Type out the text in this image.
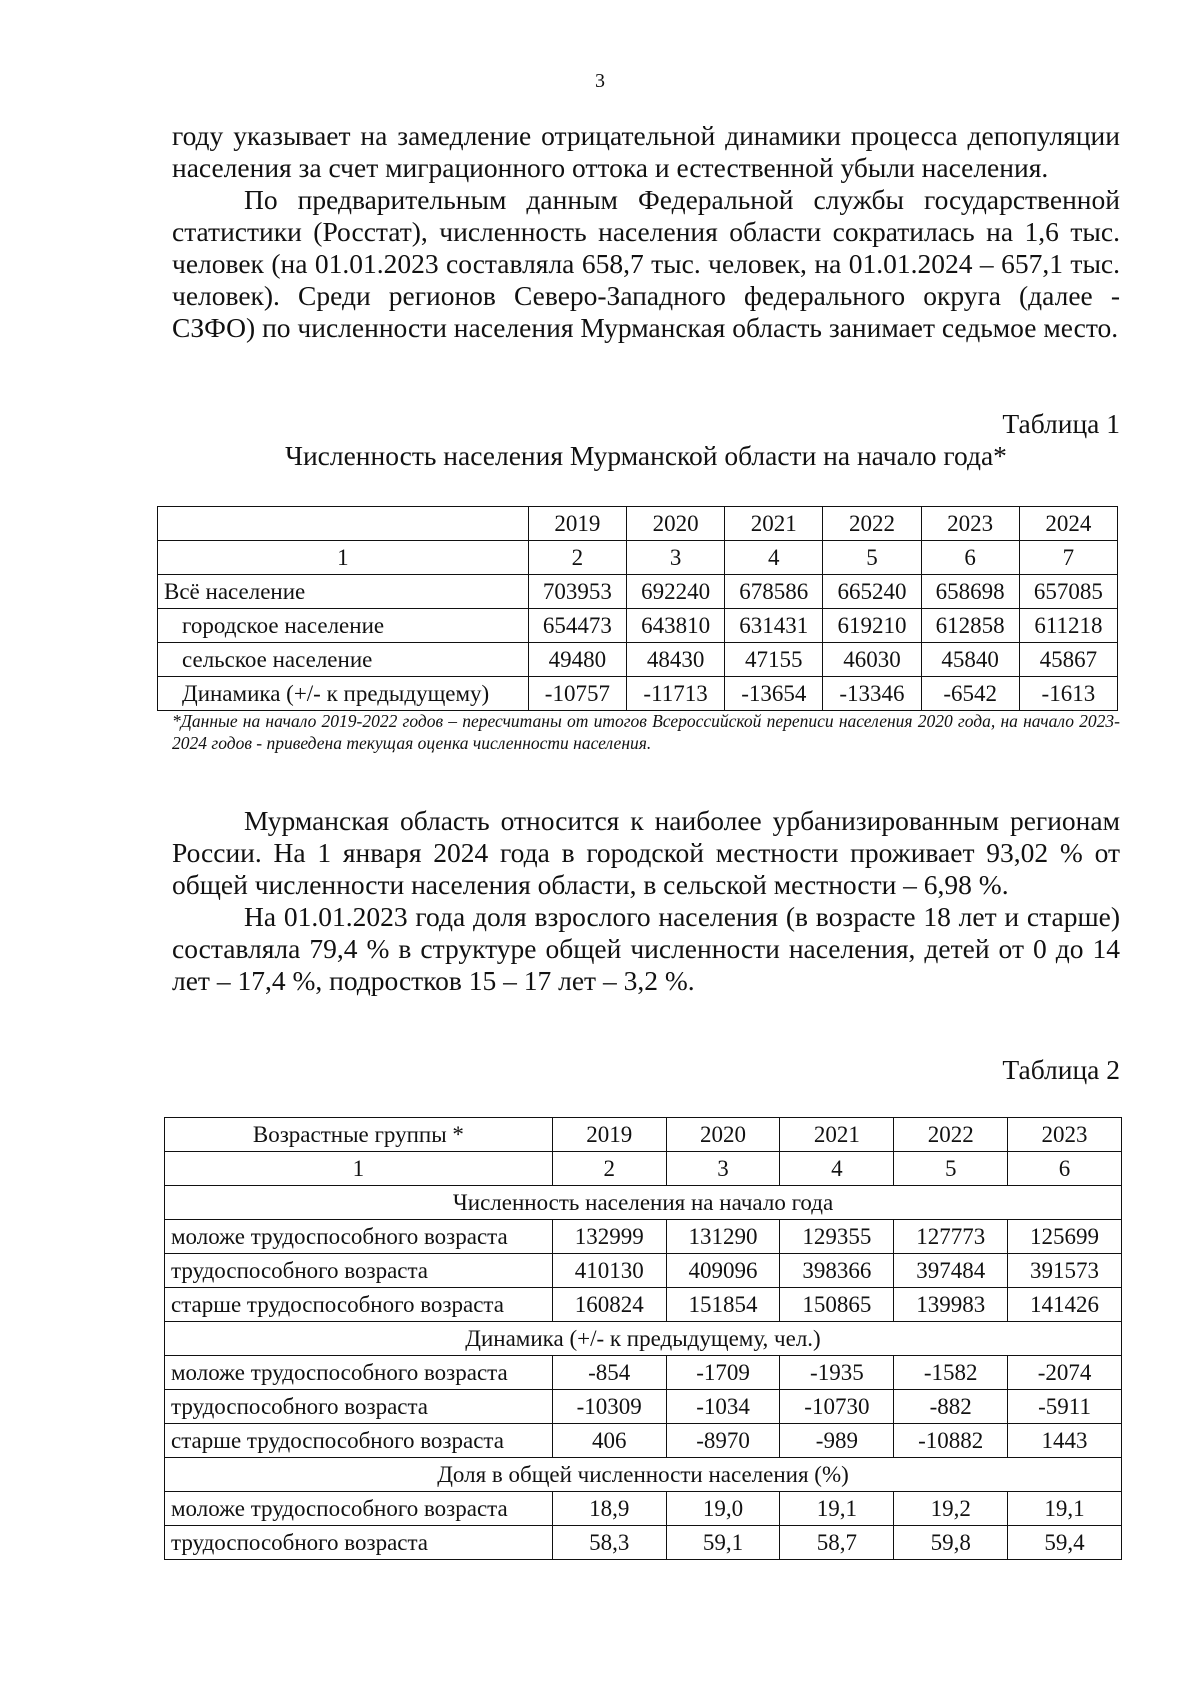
3

году указывает на замедление отрицательной динамики процесса депопуляции населения за счет миграционного оттока и естественной убыли населения.

По предварительным данным Федеральной службы государственной статистики (Росстат), численность населения области сократилась на 1,6 тыс. человек (на 01.01.2023 составляла 658,7 тыс. человек, на 01.01.2024 – 657,1 тыс. человек). Среди регионов Северо-Западного федерального округа (далее - СЗФО) по численности населения Мурманская область занимает седьмое место.

Таблица 1
Численность населения Мурманской области на начало года*
	2019	2020	2021	2022	2023	2024
1	2	3	4	5	6	7
Всё население	703953	692240	678586	665240	658698	657085
городское население	654473	643810	631431	619210	612858	611218
сельское население	49480	48430	47155	46030	45840	45867
Динамика (+/- к предыдущему)	-10757	-11713	-13654	-13346	-6542	-1613
*Данные на начало 2019-2022 годов – пересчитаны от итогов Всероссийской переписи населения 2020 года, на начало 2023-2024 годов - приведена текущая оценка численности населения.

Мурманская область относится к наиболее урбанизированным регионам России. На 1 января 2024 года в городской местности проживает 93,02 % от общей численности населения области, в сельской местности – 6,98 %.

На 01.01.2023 года доля взрослого населения (в возрасте 18 лет и старше) составляла 79,4 % в структуре общей численности населения, детей от 0 до 14 лет – 17,4 %, подростков 15 – 17 лет – 3,2 %.

Таблица 2
Возрастные группы *	2019	2020	2021	2022	2023
1	2	3	4	5	6
Численность населения на начало года					
моложе трудоспособного возраста	132999	131290	129355	127773	125699
трудоспособного возраста	410130	409096	398366	397484	391573
старше трудоспособного возраста	160824	151854	150865	139983	141426
Динамика (+/- к предыдущему, чел.)					
моложе трудоспособного возраста	-854	-1709	-1935	-1582	-2074
трудоспособного возраста	-10309	-1034	-10730	-882	-5911
старше трудоспособного возраста	406	-8970	-989	-10882	1443
Доля в общей численности населения (%)					
моложе трудоспособного возраста	18,9	19,0	19,1	19,2	19,1
трудоспособного возраста	58,3	59,1	58,7	59,8	59,4
